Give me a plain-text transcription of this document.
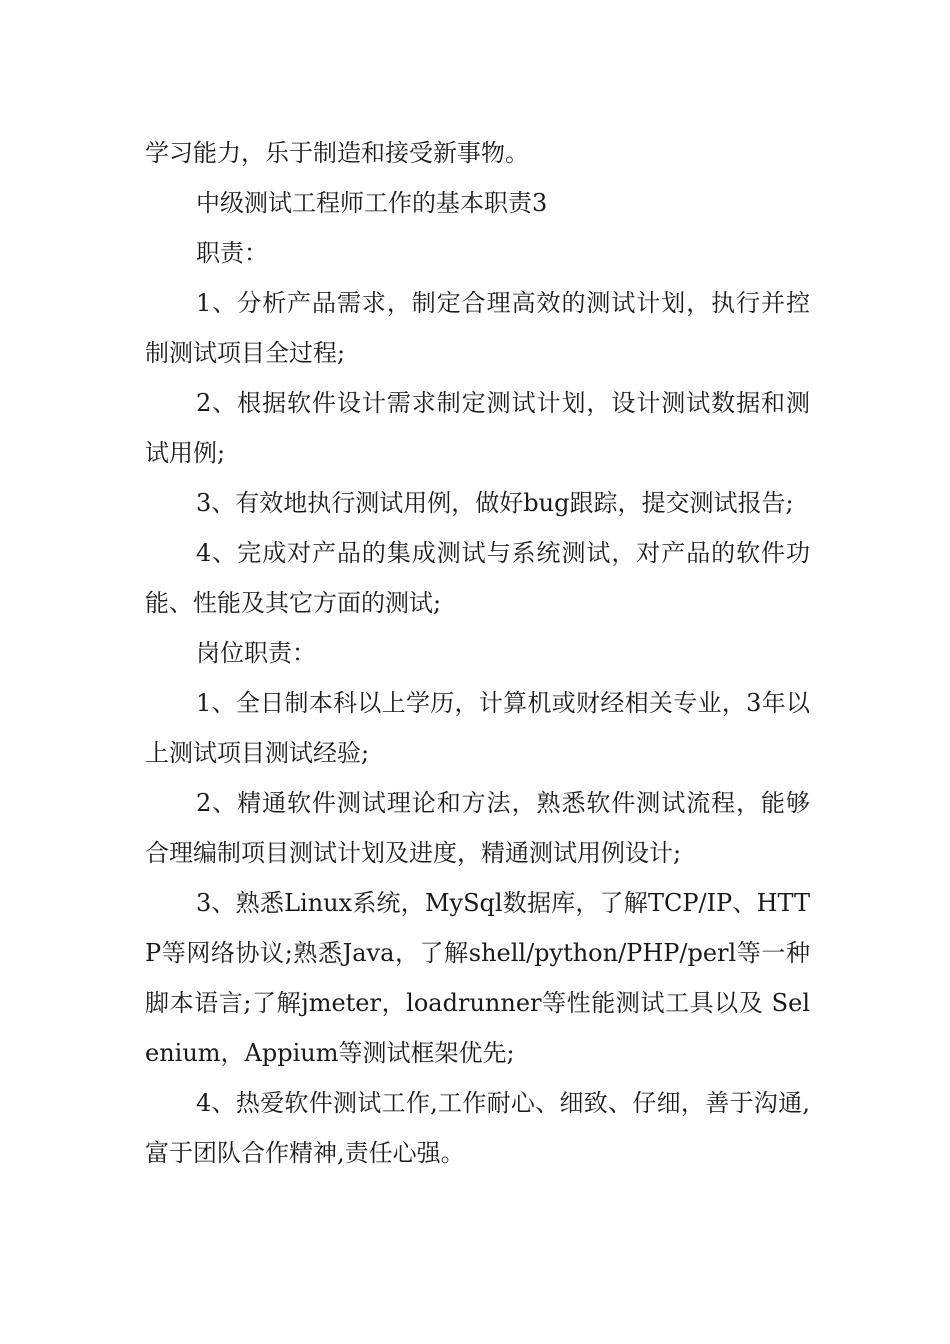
学习能力，乐于制造和接受新事物。

中级测试工程师工作的基本职责3

职责：

1、分析产品需求，制定合理高效的测试计划，执行并控制测试项目全过程;

2、根据软件设计需求制定测试计划，设计测试数据和测试用例;

3、有效地执行测试用例，做好bug跟踪，提交测试报告;

4、完成对产品的集成测试与系统测试，对产品的软件功能、性能及其它方面的测试;

岗位职责：

1、全日制本科以上学历，计算机或财经相关专业，3年以上测试项目测试经验;

2、精通软件测试理论和方法，熟悉软件测试流程，能够合理编制项目测试计划及进度，精通测试用例设计;

3、熟悉Linux系统，MySql数据库，了解TCP/IP、HTTP等网络协议;熟悉Java，了解shell/python/PHP/perl等一种脚本语言;了解jmeter，loadrunner等性能测试工具以及 Selenium，Appium等测试框架优先;

4、热爱软件测试工作,工作耐心、细致、仔细，善于沟通,富于团队合作精神,责任心强。
